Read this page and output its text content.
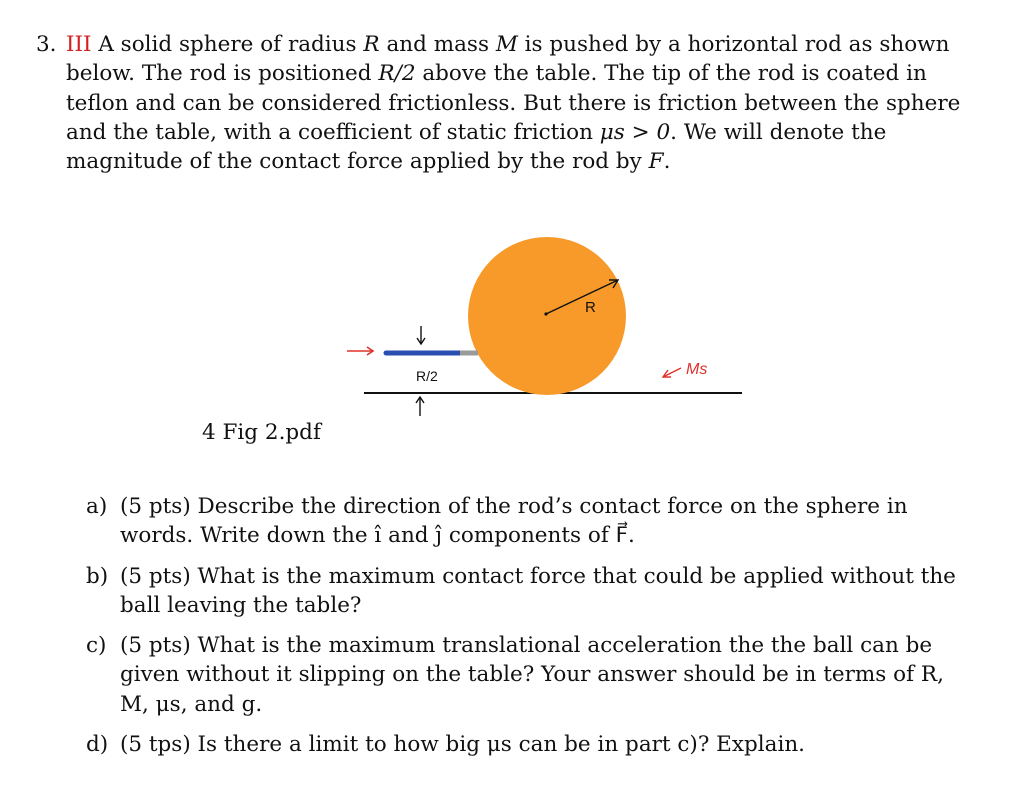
3. III A solid sphere of radius R and mass M is pushed by a horizontal rod as shown below. The rod is positioned R/2 above the table. The tip of the rod is coated in teflon and can be considered frictionless. But there is friction between the sphere and the table, with a coefficient of static friction μs > 0. We will denote the magnitude of the contact force applied by the rod by F.
R
R/2	Ms
4 Fig 2.pdf
a) (5 pts) Describe the direction of the rod’s contact force on the sphere in words. Write down the î and ĵ components of F⃗.
b) (5 pts) What is the maximum contact force that could be applied without the ball leaving the table?
c) (5 pts) What is the maximum translational acceleration the the ball can be given without it slipping on the table? Your answer should be in terms of R, M, μs, and g.
d) (5 tps) Is there a limit to how big μs can be in part c)? Explain.
